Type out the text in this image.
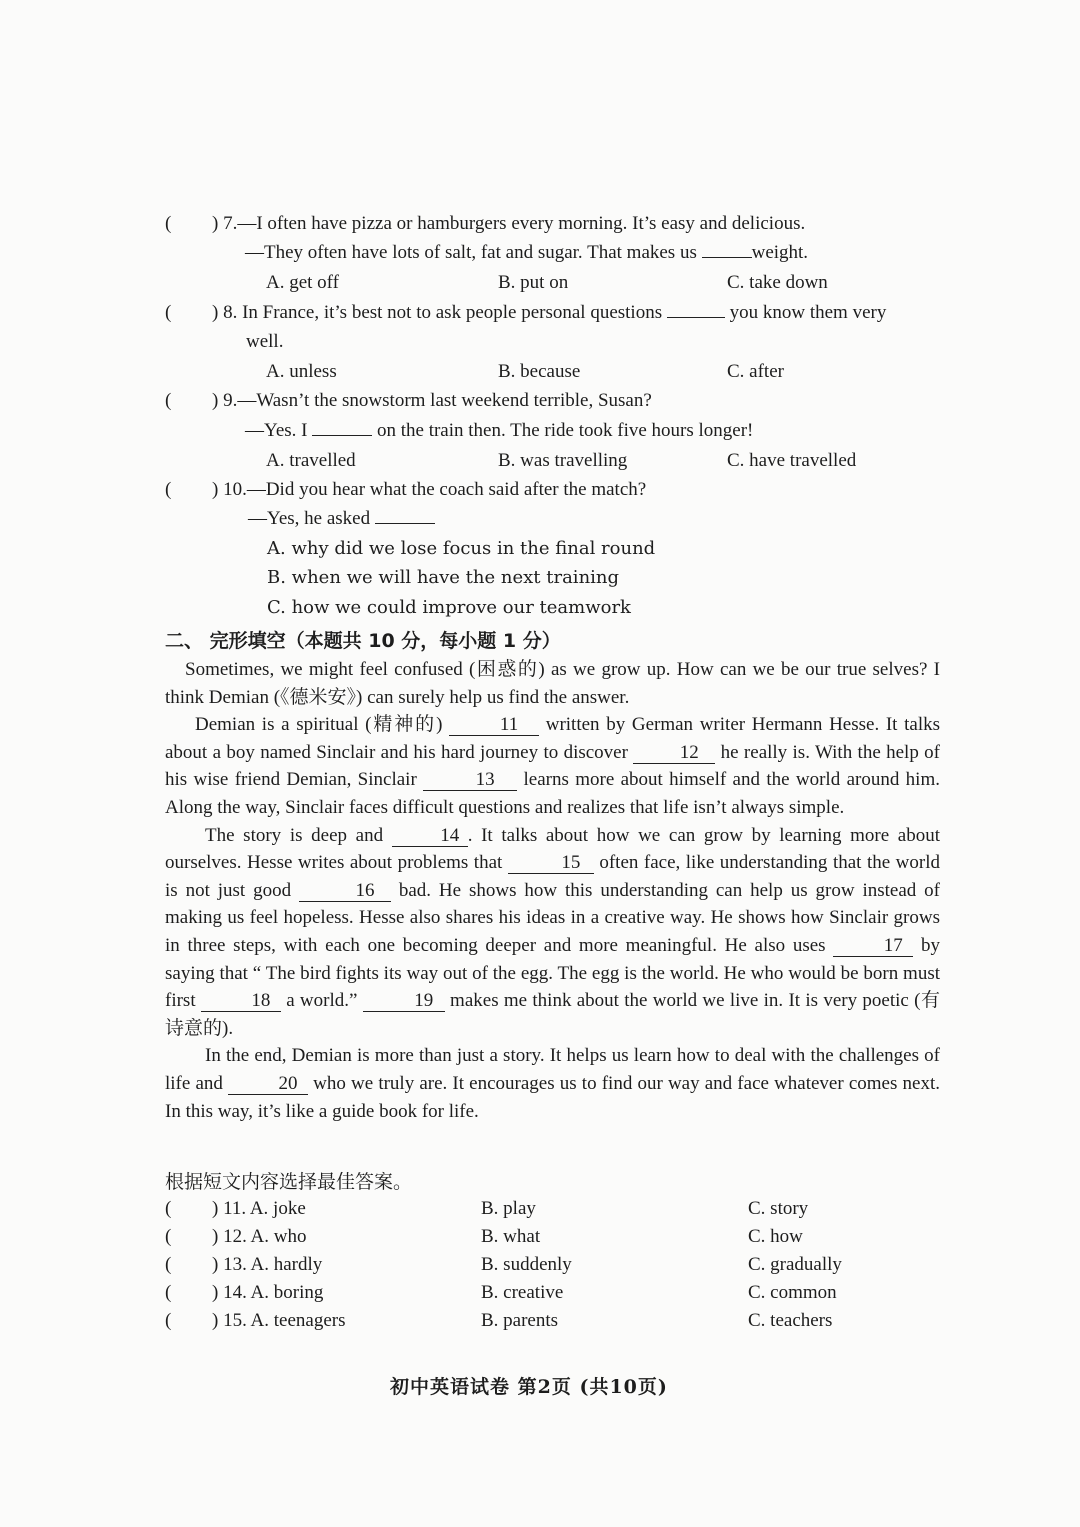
( ) 7.—I often have pizza or hamburgers every morning. It’s easy and delicious.
—They often have lots of salt, fat and sugar. That makes us	weight.
A. get off	B. put on	C. take down
( ) 8. In France, it’s best not to ask people personal questions	you know them very
well.
A. unless	B. because	C. after
( ) 9.—Wasn’t the snowstorm last weekend terrible, Susan?
—Yes. I	on the train then. The ride took five hours longer!
A. travelled	B. was travelling	C. have travelled
( ) 10.—Did you hear what the coach said after the match?
—Yes, he asked
A. why did we lose focus in the final round
B. when we will have the next training
C. how we could improve our teamwork
二、 完形填空（本题共 10 分，每小题 1 分）

Sometimes, we might feel confused (困惑的) as we grow up. How can we be our true selves? I think Demian (《德米安》) can surely help us find the answer.

Demian is a spiritual (精神的)	11 written by German writer Hermann Hesse. It talks about a boy named Sinclair and his hard journey to discover 12 he really is. With the help of his wise friend Demian, Sinclair	13 learns more about himself and the world around him. Along the way, Sinclair faces difficult questions and realizes that life isn’t always simple.

The story is deep and	14 . It talks about how we can grow by learning more about ourselves. Hesse writes about problems that	15 often face, like understanding that the world is not just good	16 bad. He shows how this understanding can help us grow instead of making us feel hopeless. Hesse also shares his ideas in a creative way. He shows how Sinclair grows in three steps, with each one becoming deeper and more meaningful. He also uses	17 by saying that “ The bird fights its way out of the egg. The egg is the world. He who would be born must first	18 a world.”	19 makes me think about the world we live in. It is very poetic (有诗意的).

In the end, Demian is more than just a story. It helps us learn how to deal with the challenges of life and	20 who we truly are. It encourages us to find our way and face whatever comes next. In this way, it’s like a guide book for life.

根据短文内容选择最佳答案。
( ) 11. A. joke	B. play	C. story
( ) 12. A. who	B. what	C. how
( ) 13. A. hardly	B. suddenly	C. gradually
( ) 14. A. boring	B. creative	C. common
( ) 15. A. teenagers	B. parents	C. teachers
初中英语试卷 第2页 (共10页)
